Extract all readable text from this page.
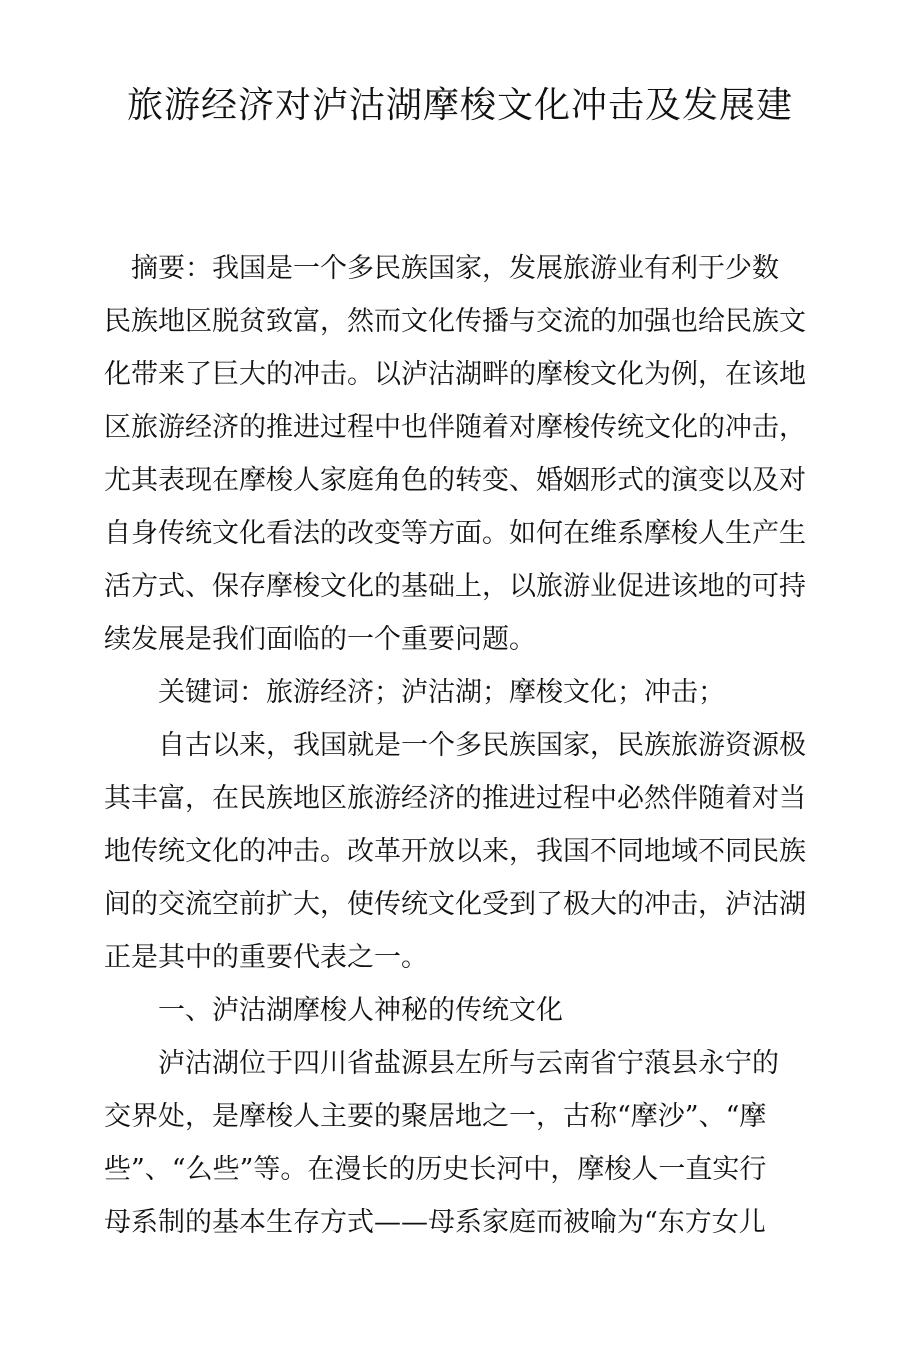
旅游经济对泸沽湖摩梭文化冲击及发展建
　摘要：我国是一个多民族国家，发展旅游业有利于少数
民族地区脱贫致富，然而文化传播与交流的加强也给民族文
化带来了巨大的冲击。以泸沽湖畔的摩梭文化为例，在该地
区旅游经济的推进过程中也伴随着对摩梭传统文化的冲击，
尤其表现在摩梭人家庭角色的转变、婚姻形式的演变以及对
自身传统文化看法的改变等方面。如何在维系摩梭人生产生
活方式、保存摩梭文化的基础上，以旅游业促进该地的可持
续发展是我们面临的一个重要问题。
　　关键词：旅游经济；泸沽湖；摩梭文化；冲击；
　　自古以来，我国就是一个多民族国家，民族旅游资源极
其丰富，在民族地区旅游经济的推进过程中必然伴随着对当
地传统文化的冲击。改革开放以来，我国不同地域不同民族
间的交流空前扩大，使传统文化受到了极大的冲击，泸沽湖
正是其中的重要代表之一。
　　一、泸沽湖摩梭人神秘的传统文化
　　泸沽湖位于四川省盐源县左所与云南省宁蒗县永宁的
交界处，是摩梭人主要的聚居地之一，古称“摩沙”、“摩
些”、“么些”等。在漫长的历史长河中，摩梭人一直实行
母系制的基本生存方式——母系家庭而被喻为“东方女儿
